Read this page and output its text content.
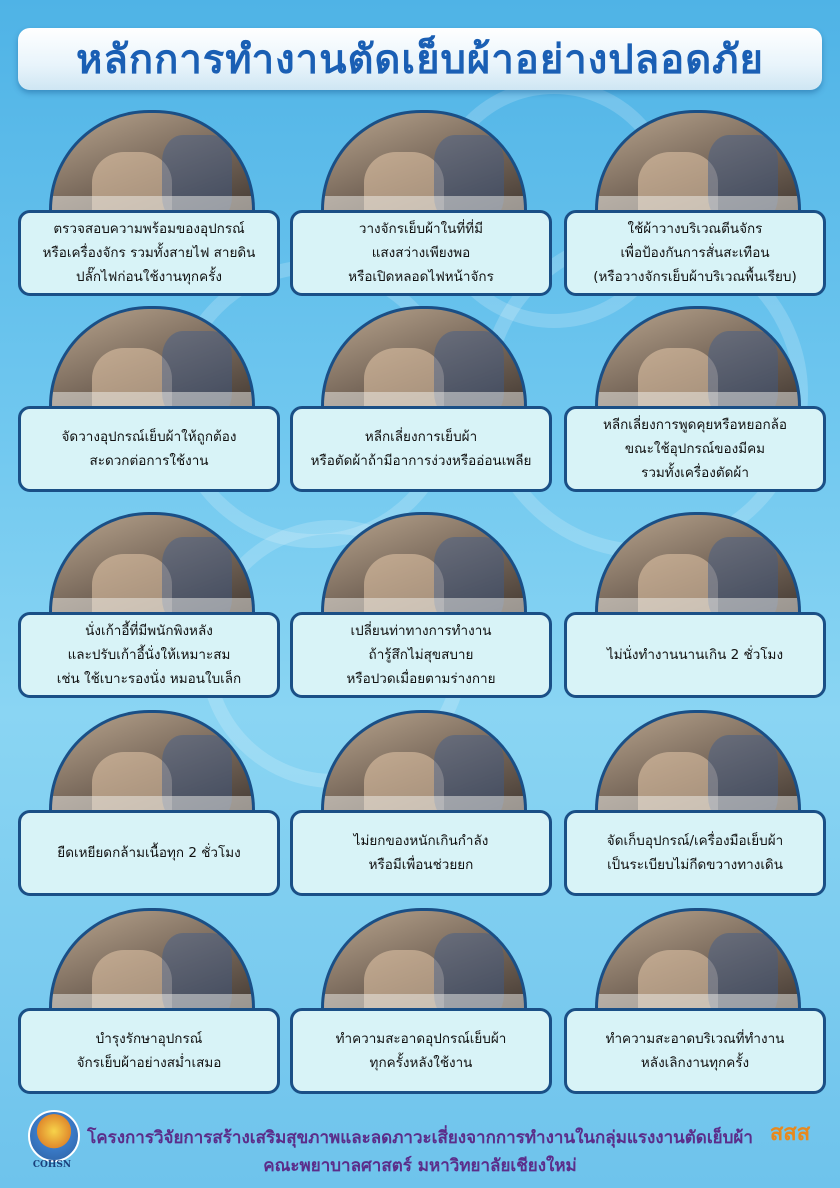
หลักการทำงานตัดเย็บผ้าอย่างปลอดภัย
ตรวจสอบความพร้อมของอุปกรณ์
หรือเครื่องจักร รวมทั้งสายไฟ สายดิน
ปลั๊กไฟก่อนใช้งานทุกครั้ง
วางจักรเย็บผ้าในที่ที่มี
แสงสว่างเพียงพอ
หรือเปิดหลอดไฟหน้าจักร
ใช้ผ้าวางบริเวณตีนจักร
เพื่อป้องกันการสั่นสะเทือน
(หรือวางจักรเย็บผ้าบริเวณพื้นเรียบ)
จัดวางอุปกรณ์เย็บผ้าให้ถูกต้อง
สะดวกต่อการใช้งาน
หลีกเลี่ยงการเย็บผ้า
หรือตัดผ้าถ้ามีอาการง่วงหรืออ่อนเพลีย
หลีกเลี่ยงการพูดคุยหรือหยอกล้อ
ขณะใช้อุปกรณ์ของมีคม
รวมทั้งเครื่องตัดผ้า
นั่งเก้าอี้ที่มีพนักพิงหลัง
และปรับเก้าอี้นั่งให้เหมาะสม
เช่น ใช้เบาะรองนั่ง หมอนใบเล็ก
เปลี่ยนท่าทางการทำงาน
ถ้ารู้สึกไม่สุขสบาย
หรือปวดเมื่อยตามร่างกาย
ไม่นั่งทำงานนานเกิน 2 ชั่วโมง
ยืดเหยียดกล้ามเนื้อทุก 2 ชั่วโมง
ไม่ยกของหนักเกินกำลัง
หรือมีเพื่อนช่วยยก
จัดเก็บอุปกรณ์/เครื่องมือเย็บผ้า
เป็นระเบียบไม่กีดขวางทางเดิน
บำรุงรักษาอุปกรณ์
จักรเย็บผ้าอย่างสม่ำเสมอ
ทำความสะอาดอุปกรณ์เย็บผ้า
ทุกครั้งหลังใช้งาน
ทำความสะอาดบริเวณที่ทำงาน
หลังเลิกงานทุกครั้ง
COHSN
โครงการวิจัยการสร้างเสริมสุขภาพและลดภาวะเสี่ยงจากการทำงานในกลุ่มแรงงานตัดเย็บผ้า
คณะพยาบาลศาสตร์ มหาวิทยาลัยเชียงใหม่
สสส
